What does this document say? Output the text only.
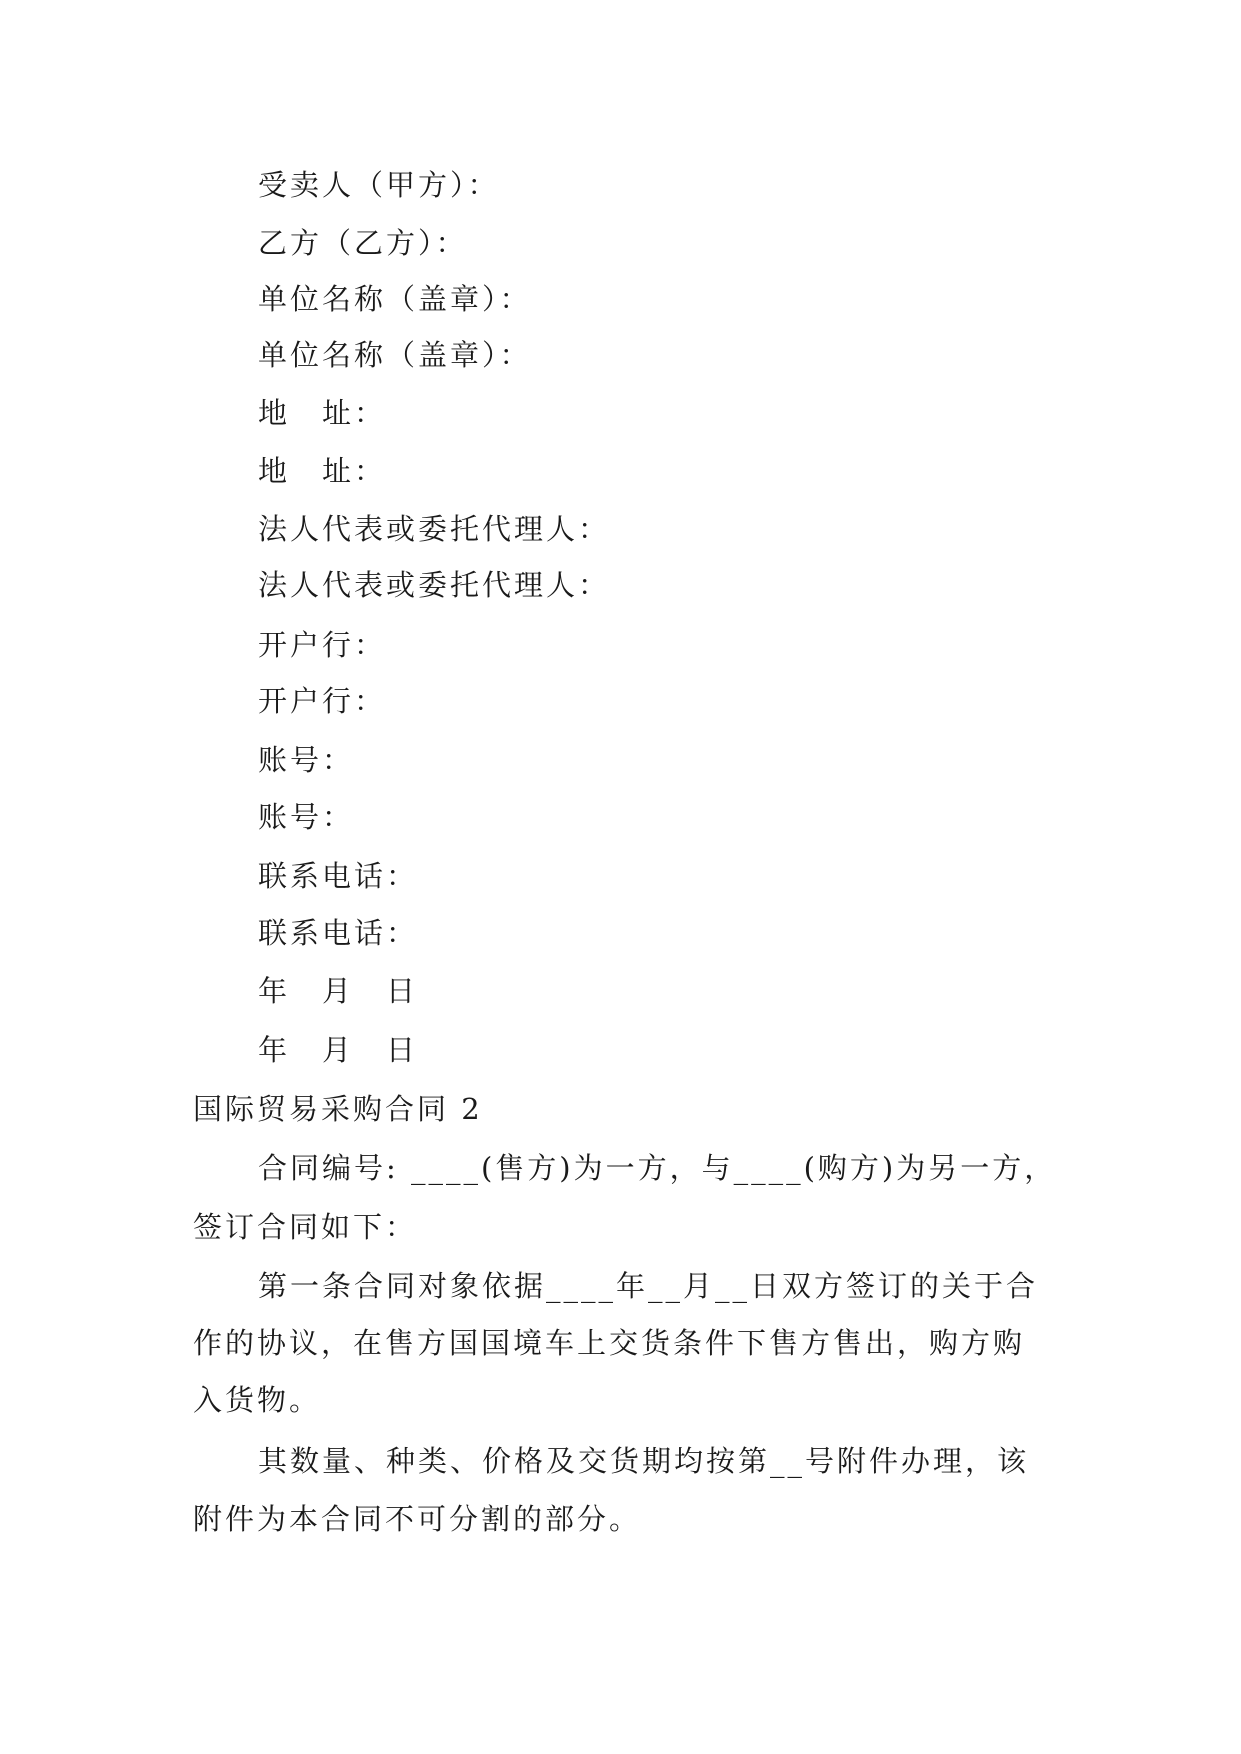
受卖人（甲方）：
乙方（乙方）：
单位名称（盖章）：
单位名称（盖章）：
地　址：
地　址：
法人代表或委托代理人：
法人代表或委托代理人：
开户行：
开户行：
账号：
账号：
联系电话：
联系电话：
年　月　日
年　月　日
国际贸易采购合同 2
合同编号: ____(售方)为一方，与____(购方)为另一方，
签订合同如下：
第一条合同对象依据____年__月__日双方签订的关于合
作的协议，在售方国国境车上交货条件下售方售出，购方购
入货物。
其数量、种类、价格及交货期均按第__号附件办理，该
附件为本合同不可分割的部分。
